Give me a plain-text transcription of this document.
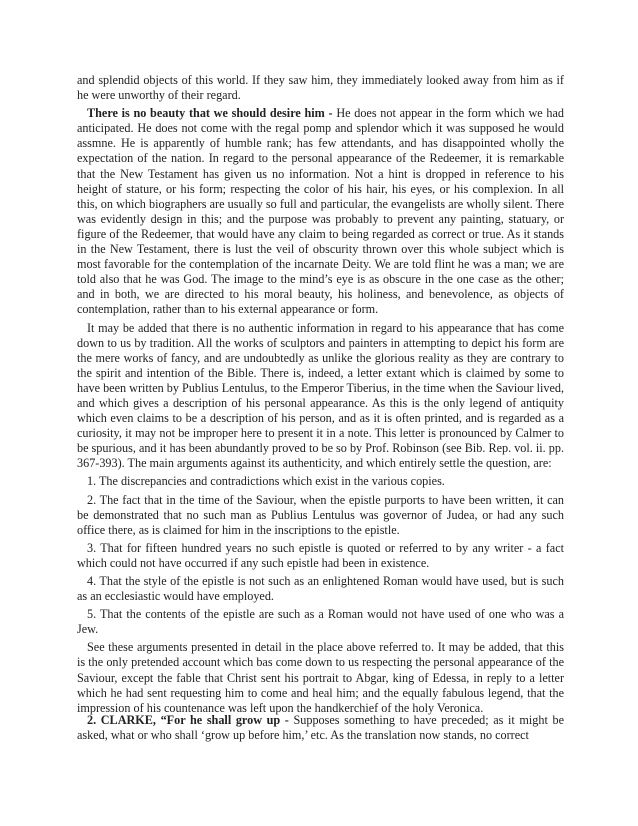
and splendid objects of this world. If they saw him, they immediately looked away from him as if he were unworthy of their regard.

There is no beauty that we should desire him - He does not appear in the form which we had anticipated. He does not come with the regal pomp and splendor which it was supposed he would assmne. He is apparently of humble rank; has few attendants, and has disappointed wholly the expectation of the nation. In regard to the personal appearance of the Redeemer, it is remarkable that the New Testament has given us no information. Not a hint is dropped in reference to his height of stature, or his form; respecting the color of his hair, his eyes, or his complexion. In all this, on which biographers are usually so full and particular, the evangelists are wholly silent. There was evidently design in this; and the purpose was probably to prevent any painting, statuary, or figure of the Redeemer, that would have any claim to being regarded as correct or true. As it stands in the New Testament, there is lust the veil of obscurity thrown over this whole subject which is most favorable for the contemplation of the incarnate Deity. We are told flint he was a man; we are told also that he was God. The image to the mind’s eye is as obscure in the one case as the other; and in both, we are directed to his moral beauty, his holiness, and benevolence, as objects of contemplation, rather than to his external appearance or form.

It may be added that there is no authentic information in regard to his appearance that has come down to us by tradition. All the works of sculptors and painters in attempting to depict his form are the mere works of fancy, and are undoubtedly as unlike the glorious reality as they are contrary to the spirit and intention of the Bible. There is, indeed, a letter extant which is claimed by some to have been written by Publius Lentulus, to the Emperor Tiberius, in the time when the Saviour lived, and which gives a description of his personal appearance. As this is the only legend of antiquity which even claims to be a description of his person, and as it is often printed, and is regarded as a curiosity, it may not be improper here to present it in a note. This letter is pronounced by Calmer to be spurious, and it has been abundantly proved to be so by Prof. Robinson (see Bib. Rep. vol. ii. pp. 367-393). The main arguments against its authenticity, and which entirely settle the question, are:

1. The discrepancies and contradictions which exist in the various copies.

2. The fact that in the time of the Saviour, when the epistle purports to have been written, it can be demonstrated that no such man as Publius Lentulus was governor of Judea, or had any such office there, as is claimed for him in the inscriptions to the epistle.

3. That for fifteen hundred years no such epistle is quoted or referred to by any writer - a fact which could not have occurred if any such epistle had been in existence.

4. That the style of the epistle is not such as an enlightened Roman would have used, but is such as an ecclesiastic would have employed.

5. That the contents of the epistle are such as a Roman would not have used of one who was a Jew.

See these arguments presented in detail in the place above referred to. It may be added, that this is the only pretended account which bas come down to us respecting the personal appearance of the Saviour, except the fable that Christ sent his portrait to Abgar, king of Edessa, in reply to a letter which he had sent requesting him to come and heal him; and the equally fabulous legend, that the impression of his countenance was left upon the handkerchief of the holy Veronica.

2. CLARKE, “For he shall grow up - Supposes something to have preceded; as it might be asked, what or who shall ‘grow up before him,’ etc. As the translation now stands, no correct
